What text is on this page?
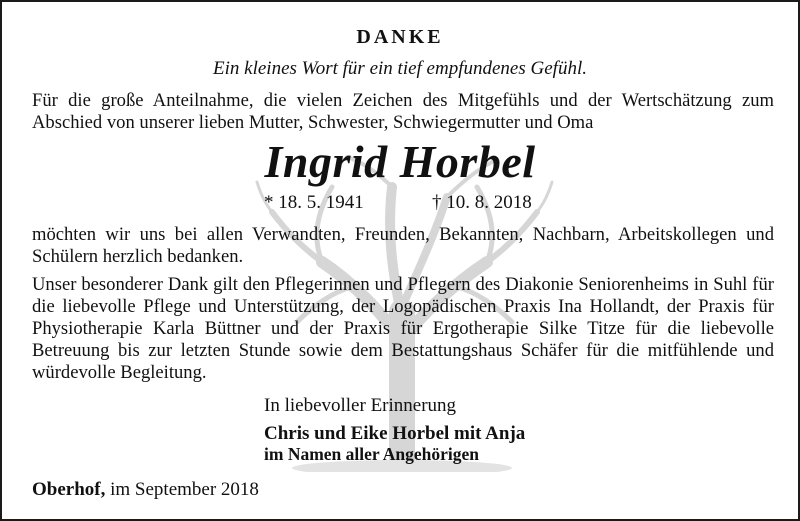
DANKE
Ein kleines Wort für ein tief empfundenes Gefühl.
Für die große Anteilnahme, die vielen Zeichen des Mitgefühls und der Wertschätzung zum Abschied von unserer lieben Mutter, Schwester, Schwiegermutter und Oma
Ingrid Horbel
* 18. 5. 1941	† 10. 8. 2018
möchten wir uns bei allen Verwandten, Freunden, Bekannten, Nachbarn, Arbeitskollegen und Schülern herzlich bedanken.
Unser besonderer Dank gilt den Pflegerinnen und Pflegern des Diakonie Seniorenheims in Suhl für die liebevolle Pflege und Unterstützung, der Logopädischen Praxis Ina Hollandt, der Praxis für Physiotherapie Karla Büttner und der Praxis für Ergotherapie Silke Titze für die liebevolle Betreuung bis zur letzten Stunde sowie dem Bestattungshaus Schäfer für die mitfühlende und würdevolle Begleitung.
In liebevoller Erinnerung
Chris und Eike Horbel mit Anja
im Namen aller Angehörigen
Oberhof, im September 2018
